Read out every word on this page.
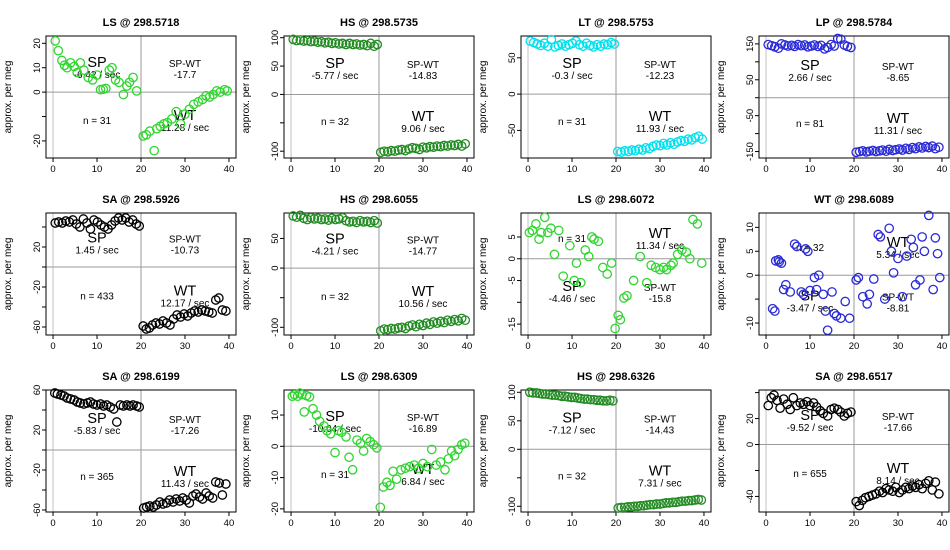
LS @ 298.5718
0	10	20	30	40
20
10
0
-20
approx. per meg	SP
-6.42 / sec
SP-WT
-17.7
n = 31	WT
11.28 / sec
HS @ 298.5735
0	10	20	30	40
100
50
0
-100
approx. per meg	SP
-5.77 / sec
SP-WT
-14.83
n = 32	WT
9.06 / sec
LT @ 298.5753
0	10	20	30	40
50
0
-50
approx. per meg	SP
-0.3 / sec
SP-WT
-12.23
n = 31	WT
11.93 / sec
LP @ 298.5784
0	10	20	30	40
150
50
-50
-150
approx. per meg	SP
2.66 / sec
SP-WT
-8.65
n = 81	WT
11.31 / sec
SA @ 298.5926
0	10	20	30	40
20
-20
-60
approx. per meg	SP
1.45 / sec
SP-WT
-10.73
n = 433	WT
12.17 / sec
HS @ 298.6055
0	10	20	30	40
50
0
-100
approx. per meg	SP
-4.21 / sec
SP-WT
-14.77
n = 32	WT
10.56 / sec
LS @ 298.6072
0	10	20	30	40
5
0
-5
-15
approx. per meg	n = 31	WT
11.34 / sec
SP
-4.46 / sec
SP-WT
-15.8
WT @ 298.6089
0	10	20	30	40
10
5
0
-10
approx. per meg	n = 32	WT
5.34 / sec
SP
-3.47 / sec
SP-WT
-8.81
SA @ 298.6199
0	10	20	30	40
60
20
-20
-60
approx. per meg	SP
-5.83 / sec
SP-WT
-17.26
n = 365	WT
11.43 / sec
LS @ 298.6309
0	10	20	30	40
10
0
-10
-20
approx. per meg	SP
-10.04 / sec
SP-WT
-16.89
n = 31	WT
6.84 / sec
HS @ 298.6326
0	10	20	30	40
100
50
0
-100
approx. per meg	SP
-7.12 / sec
SP-WT
-14.43
n = 32	WT
7.31 / sec
SA @ 298.6517
0	10	20	30	40
20
0
-40
approx. per meg	SP
-9.52 / sec
SP-WT
-17.66
n = 655	WT
8.14 / sec
